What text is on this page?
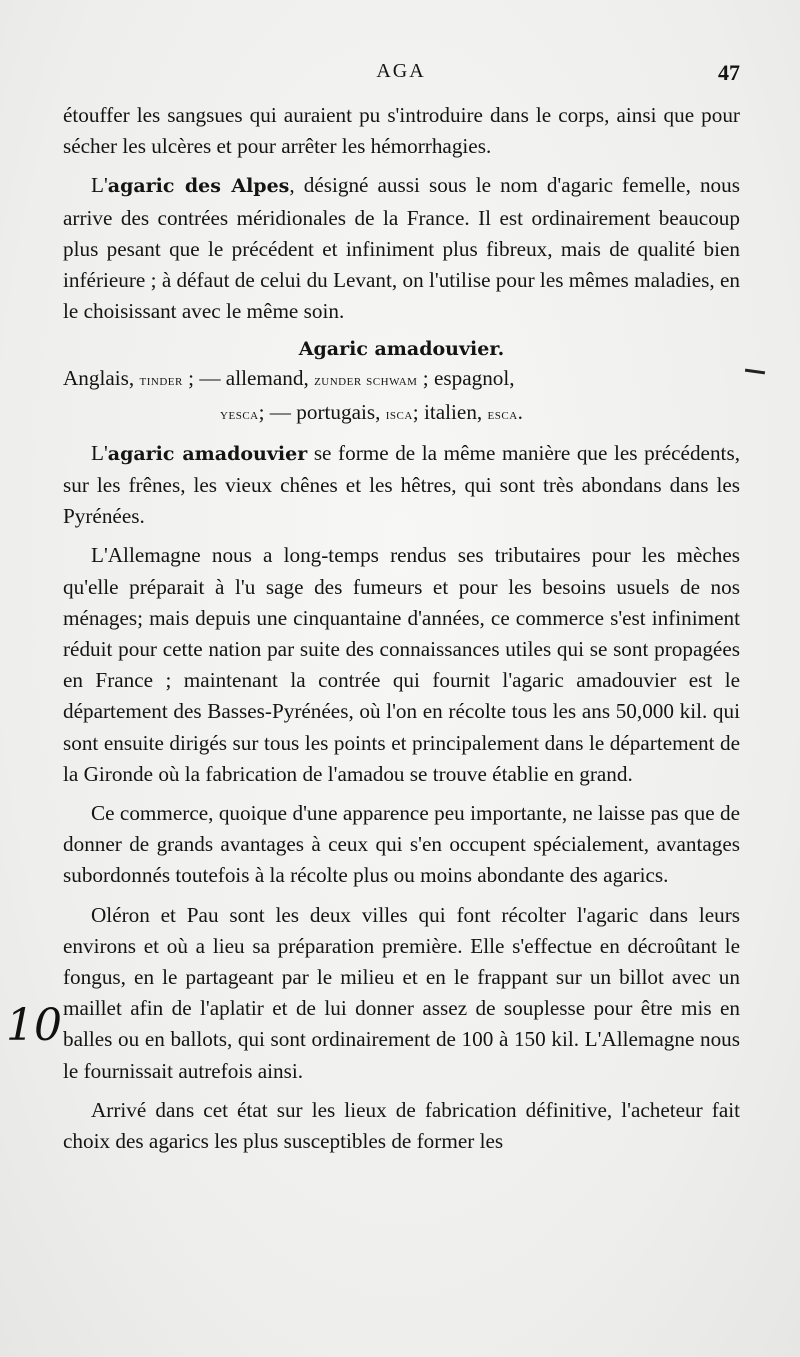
AGA	47

étouffer les sangsues qui auraient pu s'introduire dans le corps, ainsi que pour sécher les ulcères et pour arrêter les hémorrhagies.

L'agaric des Alpes, désigné aussi sous le nom d'agaric femelle, nous arrive des contrées méridionales de la France. Il est ordinairement beaucoup plus pesant que le précédent et infiniment plus fibreux, mais de qualité bien inférieure ; à défaut de celui du Levant, on l'utilise pour les mêmes maladies, en le choisissant avec le même soin.

Agaric amadouvier.

Anglais, tinder ; — allemand, zunder schwam ; espagnol,
yesca; — portugais, isca; italien, esca.

L'agaric amadouvier se forme de la même manière que les précédents, sur les frênes, les vieux chênes et les hêtres, qui sont très abondans dans les Pyrénées.

L'Allemagne nous a long-temps rendus ses tributaires pour les mèches qu'elle préparait à l'u sage des fumeurs et pour les besoins usuels de nos ménages; mais depuis une cinquantaine d'années, ce commerce s'est infiniment réduit pour cette nation par suite des connaissances utiles qui se sont propagées en France ; maintenant la contrée qui fournit l'agaric amadouvier est le département des Basses-Pyrénées, où l'on en récolte tous les ans 50,000 kil. qui sont ensuite dirigés sur tous les points et principalement dans le département de la Gironde où la fabrication de l'amadou se trouve établie en grand.

Ce commerce, quoique d'une apparence peu importante, ne laisse pas que de donner de grands avantages à ceux qui s'en occupent spécialement, avantages subordonnés toutefois à la récolte plus ou moins abondante des agarics.

Oléron et Pau sont les deux villes qui font récolter l'agaric dans leurs environs et où a lieu sa préparation première. Elle s'effectue en décroûtant le fongus, en le partageant par le milieu et en le frappant sur un billot avec un maillet afin de l'aplatir et de lui donner assez de souplesse pour être mis en balles ou en ballots, qui sont ordinairement de 100 à 150 kil. L'Allemagne nous le fournissait autrefois ainsi.

Arrivé dans cet état sur les lieux de fabrication définitive, l'acheteur fait choix des agarics les plus susceptibles de former les

10
